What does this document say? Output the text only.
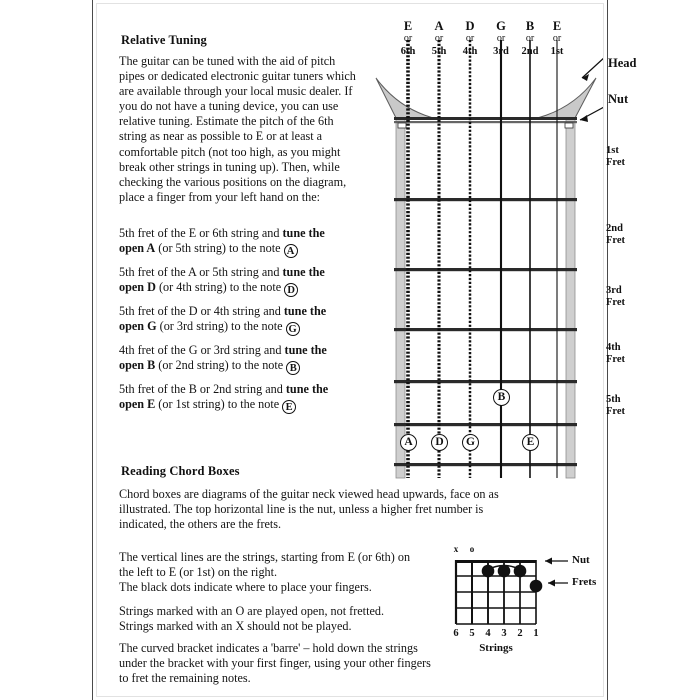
Relative Tuning
The guitar can be tuned with the aid of pitch pipes or dedicated electronic guitar tuners which are available through your local music dealer. If you do not have a tuning device, you can use relative tuning. Estimate the pitch of the 6th string as near as possible to E or at least a comfortable pitch (not too high, as you might break other strings in tuning up). Then, while checking the various positions on the diagram, place a finger from your left hand on the:
5th fret of the E or 6th string and tune the
open A (or 5th string) to the note A
5th fret of the A or 5th string and tune the
open D (or 4th string) to the note D
5th fret of the D or 4th string and tune the
open G (or 3rd string) to the note G
4th fret of the G or 3rd string and tune the
open B (or 2nd string) to the note B
5th fret of the B or 2nd string and tune the
open E (or 1st string) to the note E
Reading Chord Boxes
Chord boxes are diagrams of the guitar neck viewed head upwards, face on as illustrated. The top horizontal line is the nut, unless a higher fret number is indicated, the others are the frets.
The vertical lines are the strings, starting from E (or 6th) on the left to E (or 1st) on the right.
The black dots indicate where to place your fingers.
Strings marked with an O are played open, not fretted. Strings marked with an X should not be played.
The curved bracket indicates a 'barre' – hold down the strings under the bracket with your first finger, using your other fingers to fret the remaining notes.
E
or
6th
A
or
5th
D
or
4th
G
or
3rd
B
or
2nd
E
or
1st
Head
Nut
1st
Fret
2nd
Fret
3rd
Fret
4th
Fret
5th
Fret
A	D	G
B
E
x	o
6	5	4	3	2	1
Strings
Nut
Frets
